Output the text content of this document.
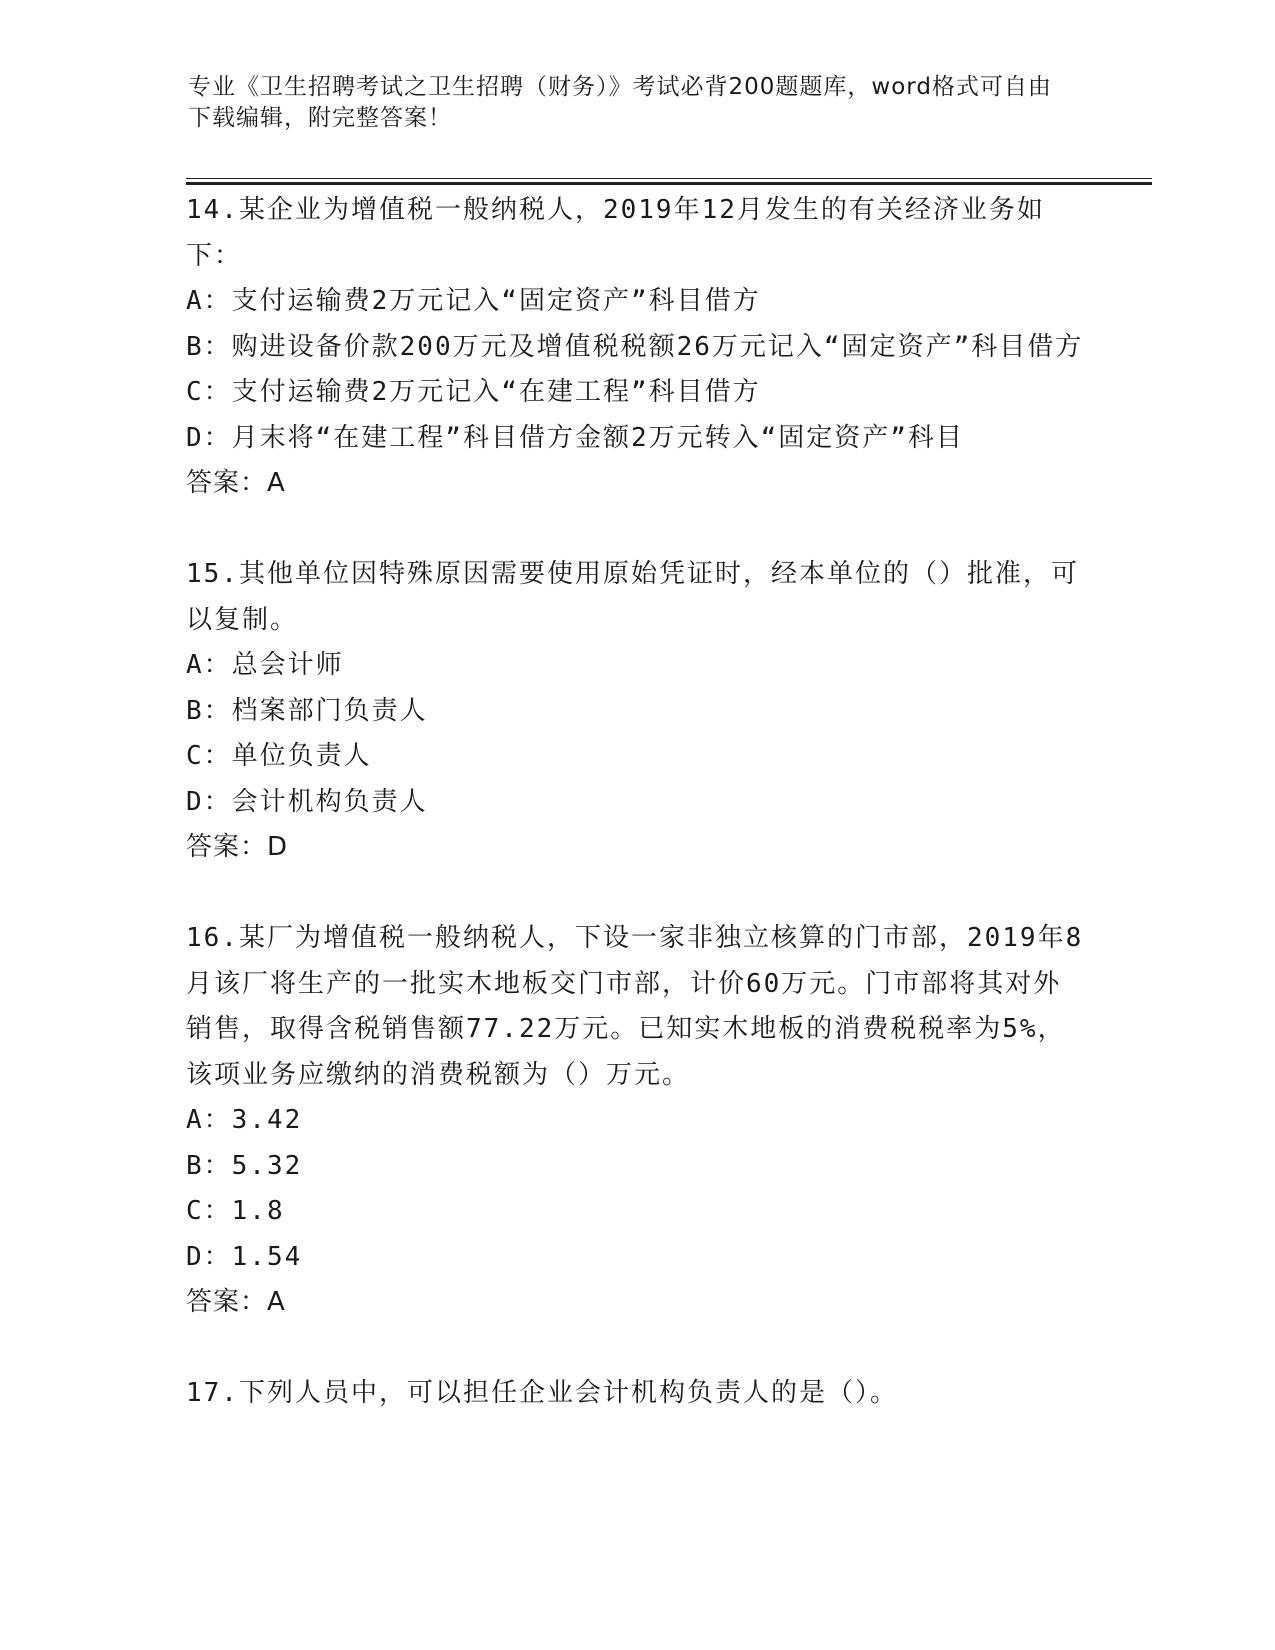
专业《卫生招聘考试之卫生招聘（财务）》考试必背200题题库，word格式可自由下载编辑，附完整答案！

14.某企业为增值税一般纳税人，2019年12月发生的有关经济业务如下：

A：支付运输费2万元记入“固定资产”科目借方

B：购进设备价款200万元及增值税税额26万元记入“固定资产”科目借方

C：支付运输费2万元记入“在建工程”科目借方

D：月末将“在建工程”科目借方金额2万元转入“固定资产”科目

答案：A

15.其他单位因特殊原因需要使用原始凭证时，经本单位的（）批准，可以复制。

A：总会计师

B：档案部门负责人

C：单位负责人

D：会计机构负责人

答案：D

16.某厂为增值税一般纳税人，下设一家非独立核算的门市部，2019年8月该厂将生产的一批实木地板交门市部，计价60万元。门市部将其对外销售，取得含税销售额77.22万元。已知实木地板的消费税税率为5%，该项业务应缴纳的消费税额为（）万元。

A：3.42

B：5.32

C：1.8

D：1.54

答案：A

17.下列人员中，可以担任企业会计机构负责人的是（）。
